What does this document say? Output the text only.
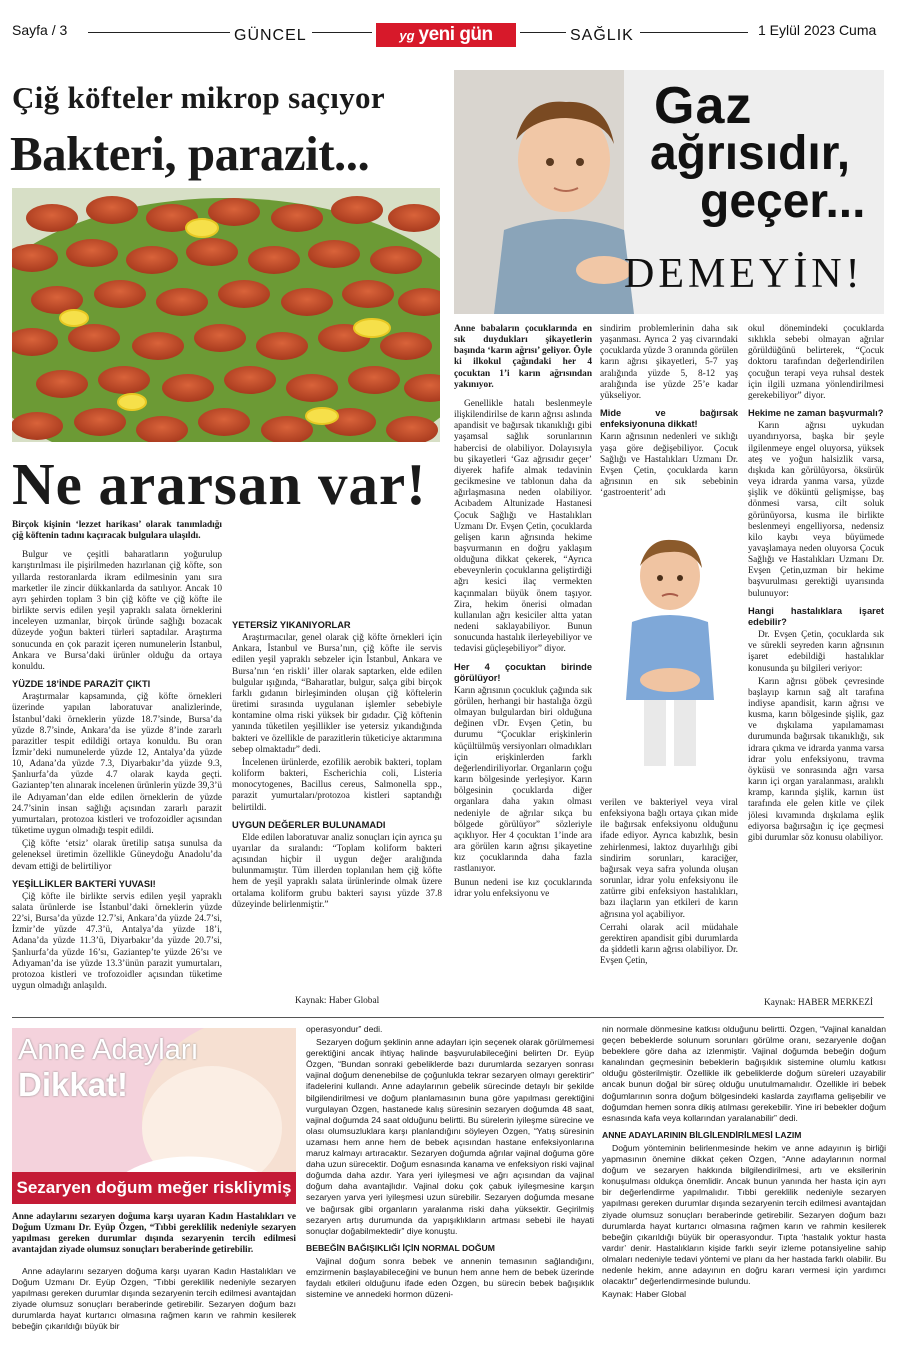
Sayfa / 3	GÜNCEL	yg yeni gün	SAĞLIK	1 Eylül 2023 Cuma
Çiğ kö⁠fteler mikrop saçıyor
Bakteri, parazit...
Ne ararsan var!

Birçok kişinin ‘lezzet harikası’ olarak tanımladığı çiğ köftenin tadını kaçıracak bulgulara ulaşıldı.

Bulgur ve çeşitli baharatların yoğurulup karıştırılması ile pişirilmeden hazırlanan çiğ köfte, son yıllarda restoranlarda ikram edilmesinin yanı sıra marketler ile zincir dükkanlarda da satılıyor. Ancak 10 ayrı şehirden toplam 3 bin çiğ köfte ve çiğ köfte ile birlikte servis edilen yeşil yapraklı salata örneklerini inceleyen uzmanlar, birçok üründe sağlığı bozacak düzeyde yoğun bakteri türleri saptadılar. Araştırma sonucunda en çok parazit içeren numunelerin İstanbul, Ankara ve Bursa’daki ürünler olduğu da ortaya konuldu.

YÜZDE 18’İNDE PARAZİT ÇIKTI

Araştırmalar kapsamında, çiğ köfte örnekleri üzerinde yapılan laboratuvar analizlerinde, İstanbul’daki örneklerin yüzde 18.7’sinde, Bursa’da yüzde 8.7’sinde, Ankara’da ise yüzde 8’inde zararlı parazitler tespit edildiği ortaya konuldu. Bu oran İzmir’deki numunelerde yüzde 12, Antalya’da yüzde 10, Adana’da yüzde 7.3, Diyarbakır’da yüzde 9.3, Şanlıurfa’da yüzde 4.7 olarak kayda geçti. Gaziantep’ten alınarak incelenen ürünlerin yüzde 39,3’ü ile Adıyaman’dan elde edilen örneklerin de yüzde 24.7’sinin insan sağlığı açısından zararlı parazit yumurtaları, protozoa kistleri ve trofozoidler açısından tüketime uygun olmadığı tespit edildi.

Çiğ köfte ‘etsiz’ olarak üretilip satışa sunulsa da geleneksel üretimin özellikle Güneydoğu Anadolu’da devam ettiği de belirtiliyor

YEŞİLLİKLER BAKTERİ YUVASI!

Çiğ köfte ile birlikte servis edilen yeşil yapraklı salata ürünlerde ise İstanbul’daki örneklerin yüzde 22’si, Bursa’da yüzde 12.7’si, Ankara’da yüzde 24.7’si, İzmir’de yüzde 47.3’ü, Antalya’da yüzde 18’i, Adana’da yüzde 11.3’ü, Diyarbakır’da yüzde 20.7’si, Şanlıurfa’da yüzde 16’sı, Gaziantep’te yüzde 26’sı ve Adıyaman’da ise yüzde 13.3’ünün parazit yumurtaları, protozoa kistleri ve trofozoidler açısından tüketime uygun olmadığı anlaşıldı.

YETERSİZ YIKANIYORLAR

Araştırmacılar, genel olarak çiğ köfte örnekleri için Ankara, İstanbul ve Bursa’nın, çiğ köfte ile servis edilen yeşil yapraklı sebzeler için İstanbul, Ankara ve Bursa’nın ‘en riskli’ iller olarak saptarken, elde edilen bulgular ışığında, “Baharatlar, bulgur, salça gibi birçok farklı gıdanın birleşiminden oluşan çiğ köftelerin üretimi sırasında uygulanan işlemler sebebiyle kontamine olma riski yüksek bir gıdadır. Çiğ köftenin yanında tüketilen yeşillikler ise yetersiz yıkandığında bakteri ve özellikle de parazitlerin tüketiciye aktarımına sebep olmaktadır” dedi.

İncelenen ürünlerde, ezofilik aerobik bakteri, toplam koliform bakteri, Escherichia coli, Listeria monocytogenes, Bacillus cereus, Salmonella spp., parazit yumurtaları/protozoa kistleri saptandığı belirtildi.

UYGUN DEĞERLER BULUNAMADI

Elde edilen laboratuvar analiz sonuçları için ayrıca şu uyarılar da sıralandı: “Toplam koliform bakteri açısından hiçbir il uygun değer aralığında bulunmamıştır. Tüm illerden toplanılan hem çiğ köfte hem de yeşil yapraklı salata ürünlerinde olmak üzere ortalama koliform grubu bakteri sayısı yüzde 37.8 düzeyinde belirlenmiştir.”

Kaynak: Haber Global
Gaz
ağrısıdır,
geçer...
DEMEYİN!

Anne babaların çocuklarında en sık duydukları şikayetlerin başında ‘karın ağrısı’ geliyor. Öyle ki ilkokul çağındaki her 4 çocuktan 1’i karın ağrısından yakınıyor.

Genellikle hatalı beslenmeyle ilişkilendirilse de karın ağrısı aslında apandisit ve bağırsak tıkanıklığı gibi yaşamsal sağlık sorunlarının habercisi de olabiliyor. Dolayısıyla bu şikayetleri ‘Gaz ağrısıdır geçer’ diyerek hafife almak tedavinin gecikmesine ve tablonun daha da ağırlaşmasına neden olabiliyor. Acıbadem Altunizade Hastanesi Çocuk Sağlığı ve Hastalıkları Uzmanı Dr. Evşen Çetin, çocuklarda gelişen karın ağrısında hekime başvurmanın en doğru yaklaşım olduğuna dikkat çekerek, “Ayrıca ebeveynlerin çocuklarına geliştirdiği ağrı kesici ilaç vermekten kaçınmaları büyük önem taşıyor. Zira, hekim önerisi olmadan kullanılan ağrı kesiciler altta yatan nedeni saklayabiliyor. Bunun sonucunda hastalık ilerleyebiliyor ve tedavisi güçleşebiliyor” diyor.

Her 4 çocuktan birinde görülüyor!

Karın ağrısının çocukluk çağında sık görülen, herhangi bir hastalığa özgü olmayan bulgulardan biri olduğuna değinen vDr. Evşen Çetin, bu durumu “Çocuklar erişkinlerin küçültülmüş versiyonları olmadıkları için erişkinlerden farklı değerlendiriliyorlar. Organların çoğu karın bölgesinde yerleşiyor. Karın bölgesinin çocuklarda diğer organlara daha yakın olması nedeniyle de ağrılar sıkça bu bölgede görülüyor” sözleriyle açıklıyor. Her 4 çocuktan 1’inde ara ara görülen karın ağrısı şikayetine kız çocuklarında daha fazla rastlanıyor.

Bunun nedeni ise kız çocuklarında idrar yolu enfeksiyonu ve

sindirim problemlerinin daha sık yaşanması. Ayrıca 2 yaş civarındaki çocuklarda yüzde 3 oranında görülen karın ağrısı şikayetleri, 5-7 yaş aralığında yüzde 5, 8-12 yaş aralığında ise yüzde 25’e kadar yükseliyor.

Mide ve bağırsak enfeksiyonuna dikkat!

Karın ağrısının nedenleri ve sıklığı yaşa göre değişebiliyor. Çocuk Sağlığı ve Hastalıkları Uzmanı Dr. Evşen Çetin, çocuklarda karın ağrısının en sık sebebinin ‘gastroenterit’ adı

verilen ve bakteriyel veya viral enfeksiyona bağlı ortaya çıkan mide ile bağırsak enfeksiyonu olduğunu ifade ediyor. Ayrıca kabızlık, besin zehirlenmesi, laktoz duyarlılığı gibi sindirim sorunları, karaciğer, bağırsak veya safra yolunda oluşan sorunlar, idrar yolu enfeksiyonu ile zatürre gibi enfeksiyon hastalıkları, bazı ilaçların yan etkileri de karın ağrısına yol açabiliyor.

Cerrahi olarak acil müdahale gerektiren apandisit gibi durumlarda da şiddetli karın ağrısı olabiliyor. Dr. Evşen Çetin,

okul dönemindeki çocuklarda sıklıkla sebebi olmayan ağrılar görüldüğünü belirterek, “Çocuk doktoru tarafından değerlendirilen çocuğun terapi veya ruhsal destek için ilgili uzmana yönlendirilmesi gerekebiliyor” diyor.

Hekime ne zaman başvurmalı?

Karın ağrısı uykudan uyandırıyorsa, başka bir şeyle ilgilenmeye engel oluyorsa, yüksek ateş ve yoğun halsizlik varsa, dışkıda kan görülüyorsa, öksürük veya idrarda yanma varsa, yüzde şişlik ve döküntü gelişmişse, baş dönmesi varsa, cilt soluk görünüyorsa, kusma ile birlikte beslenmeyi engelliyorsa, nedensiz kilo kaybı veya büyümede yavaşlamaya neden oluyorsa Çocuk Sağlığı ve Hastalıkları Uzmanı Dr. Evşen Çetin,uzman bir hekime başvurulması gerektiği uyarısında bulunuyor:

Hangi hastalıklara işaret edebilir?

Dr. Evşen Çetin, çocuklarda sık ve sürekli seyreden karın ağrısının işaret edebildiği hastalıklar konusunda şu bilgileri veriyor:

Karın ağrısı göbek çevresinde başlayıp karnın sağ alt tarafına indiyse apandisit, karın ağrısı ve kusma, karın bölgesinde şişlik, gaz ve dışkılama yapılamaması durumunda bağırsak tıkanıklığı, sık idrara çıkma ve idrarda yanma varsa idrar yolu enfeksiyonu, travma öyküsü ve sonrasında ağrı varsa karın içi organ yaralanması, aralıklı kramp, karında şişlik, karnın üst tarafında ele gelen kitle ve çilek jölesi kıvamında dışkılama eşlik ediyorsa bağırsağın iç içe geçmesi gibi durumlar söz konusu olabiliyor.

Kaynak: HABER MERKEZİ
Anne Adayları
Dikkat!
Sezaryen doğum meğer riskliymiş

Anne adaylarını sezaryen doğuma karşı uyaran Kadın Hastalıkları ve Doğum Uzmanı Dr. Eyüp Özgen, “Tıbbi gereklilik nedeniyle sezaryen yapılması gereken durumlar dışında sezaryenin tercih edilmesi avantajdan ziyade olumsuz sonuçları beraberinde getirebilir.

Anne adaylarını sezaryen doğuma karşı uyaran Kadın Hastalıkları ve Doğum Uzmanı Dr. Eyüp Özgen, “Tıbbi gereklilik nedeniyle sezaryen yapılması gereken durumlar dışında sezaryenin tercih edilmesi avantajdan ziyade olumsuz sonuçları beraberinde getirebilir. Sezaryen doğum bazı durumlarda hayat kurtarıcı olmasına rağmen karın ve rahmin kesilerek bebeğin çıkarıldığı büyük bir

operasyondur” dedi.

Sezaryen doğum şeklinin anne adayları için seçenek olarak görülmemesi gerektiğini ancak ihtiyaç halinde başvurulabileceğini belirten Dr. Eyüp Özgen, “Bundan sonraki gebeliklerde bazı durumlarda sezaryen sonrası vajinal doğum denenebilse de çoğunlukla tekrar sezaryen olmayı gerektirir” ifadelerini kullandı. Anne adaylarının gebelik sürecinde detaylı bir şekilde bilgilendirilmesi ve doğum planlamasının buna göre yapılması gerektiğini vurgulayan Özgen, hastanede kalış süresinin sezaryen doğumda 48 saat, vajinal doğumda 24 saat olduğunu belirtti. Bu sürelerin iyileşme sürecine ve olası olumsuzluklara karşı planlandığını söyleyen Özgen, “Yatış süresinin uzaması hem anne hem de bebek açısından hastane enfeksiyonlarına maruz kalmayı artıracaktır. Sezaryen doğumda ağrılar vajinal doğuma göre daha uzun sürecektir. Doğum esnasında kanama ve enfeksiyon riski vajinal doğumda daha azdır. Yara yeri iyileşmesi ve ağrı açısından da vajinal doğum daha avantajlıdır. Vajinal doku çok çabuk iyileşmesine karşın sezaryen yarva yeri iyileşmesi uzun sürebilir. Sezaryen doğumda mesane ve bağırsak gibi organların yaralanma riski daha yüksektir. Geçirilmiş sezaryen artış durumunda da yapışıklıkların artması sebebi ile hayati sonuçlar doğabilmektedir” diye konuştu.

BEBEĞİN BAĞIŞIKLIĞI İÇİN NORMAL DOĞUM

Vajinal doğum sonra bebek ve annenin temasının sağlandığını, emzirmenin başlayabileceğini ve bunun hem anne hem de bebek üzerinde faydalı etkileri olduğunu ifade eden Özgen, bu sürecin bebek bağışıklık sistemine ve annedeki hormon düzeni-

nin normale dönmesine katkısı olduğunu belirtti. Özgen, “Vajinal kanaldan geçen bebeklerde solunum sorunları görülme oranı, sezaryenle doğan bebeklere göre daha az izlenmiştir. Vajinal doğumda bebeğin doğum kanalından geçmesinin bebeklerin bağışıklık sistemine olumlu katkısı olduğu gösterilmiştir. Özellikle ilk gebeliklerde doğum süreleri uzayabilir ancak bunun doğal bir süreç olduğu unutulmamalıdır. Özellikle iri bebek doğumlarının sonra doğum bölgesindeki kaslarda zayıflama gelişebilir ve doğumdan hemen sonra dikiş atılması gerekebilir. Yine iri bebekler doğum esnasında kafa veya kollarından yaralanabilir” dedi.

ANNE ADAYLARININ BİLGİLENDİRİLMESİ LAZIM

Doğum yönteminin belirlenmesinde hekim ve anne adayının iş birliği yapmasının önemine dikkat çeken Özgen, “Anne adaylarının normal doğum ve sezaryen hakkında bilgilendirilmesi, artı ve eksilerinin konuşulması oldukça önemlidir. Ancak bunun yanında her hasta için ayrı bir değerlendirme yapılmalıdır. Tıbbi gereklilik nedeniyle sezaryen yapılması gereken durumlar dışında sezaryenin tercih edilmesi avantajdan ziyade olumsuz sonuçları beraberinde getirebilir. Sezaryen doğum bazı durumlarda hayat kurtarıcı olmasına rağmen karın ve rahmin kesilerek bebeğin çıkarıldığı büyük bir operasyondur. Tıpta ‘hastalık yoktur hasta vardır’ denir. Hastalıkların kişide farklı seyir izleme potansiyeline sahip olmaları nedeniyle tedavi yöntemi ve planı da her hastada farklı olabilir. Bu nedenle hekim, anne adayının en doğru kararı vermesi için yardımcı olacaktır” değerlendirmesinde bulundu.

Kaynak: Haber Global
